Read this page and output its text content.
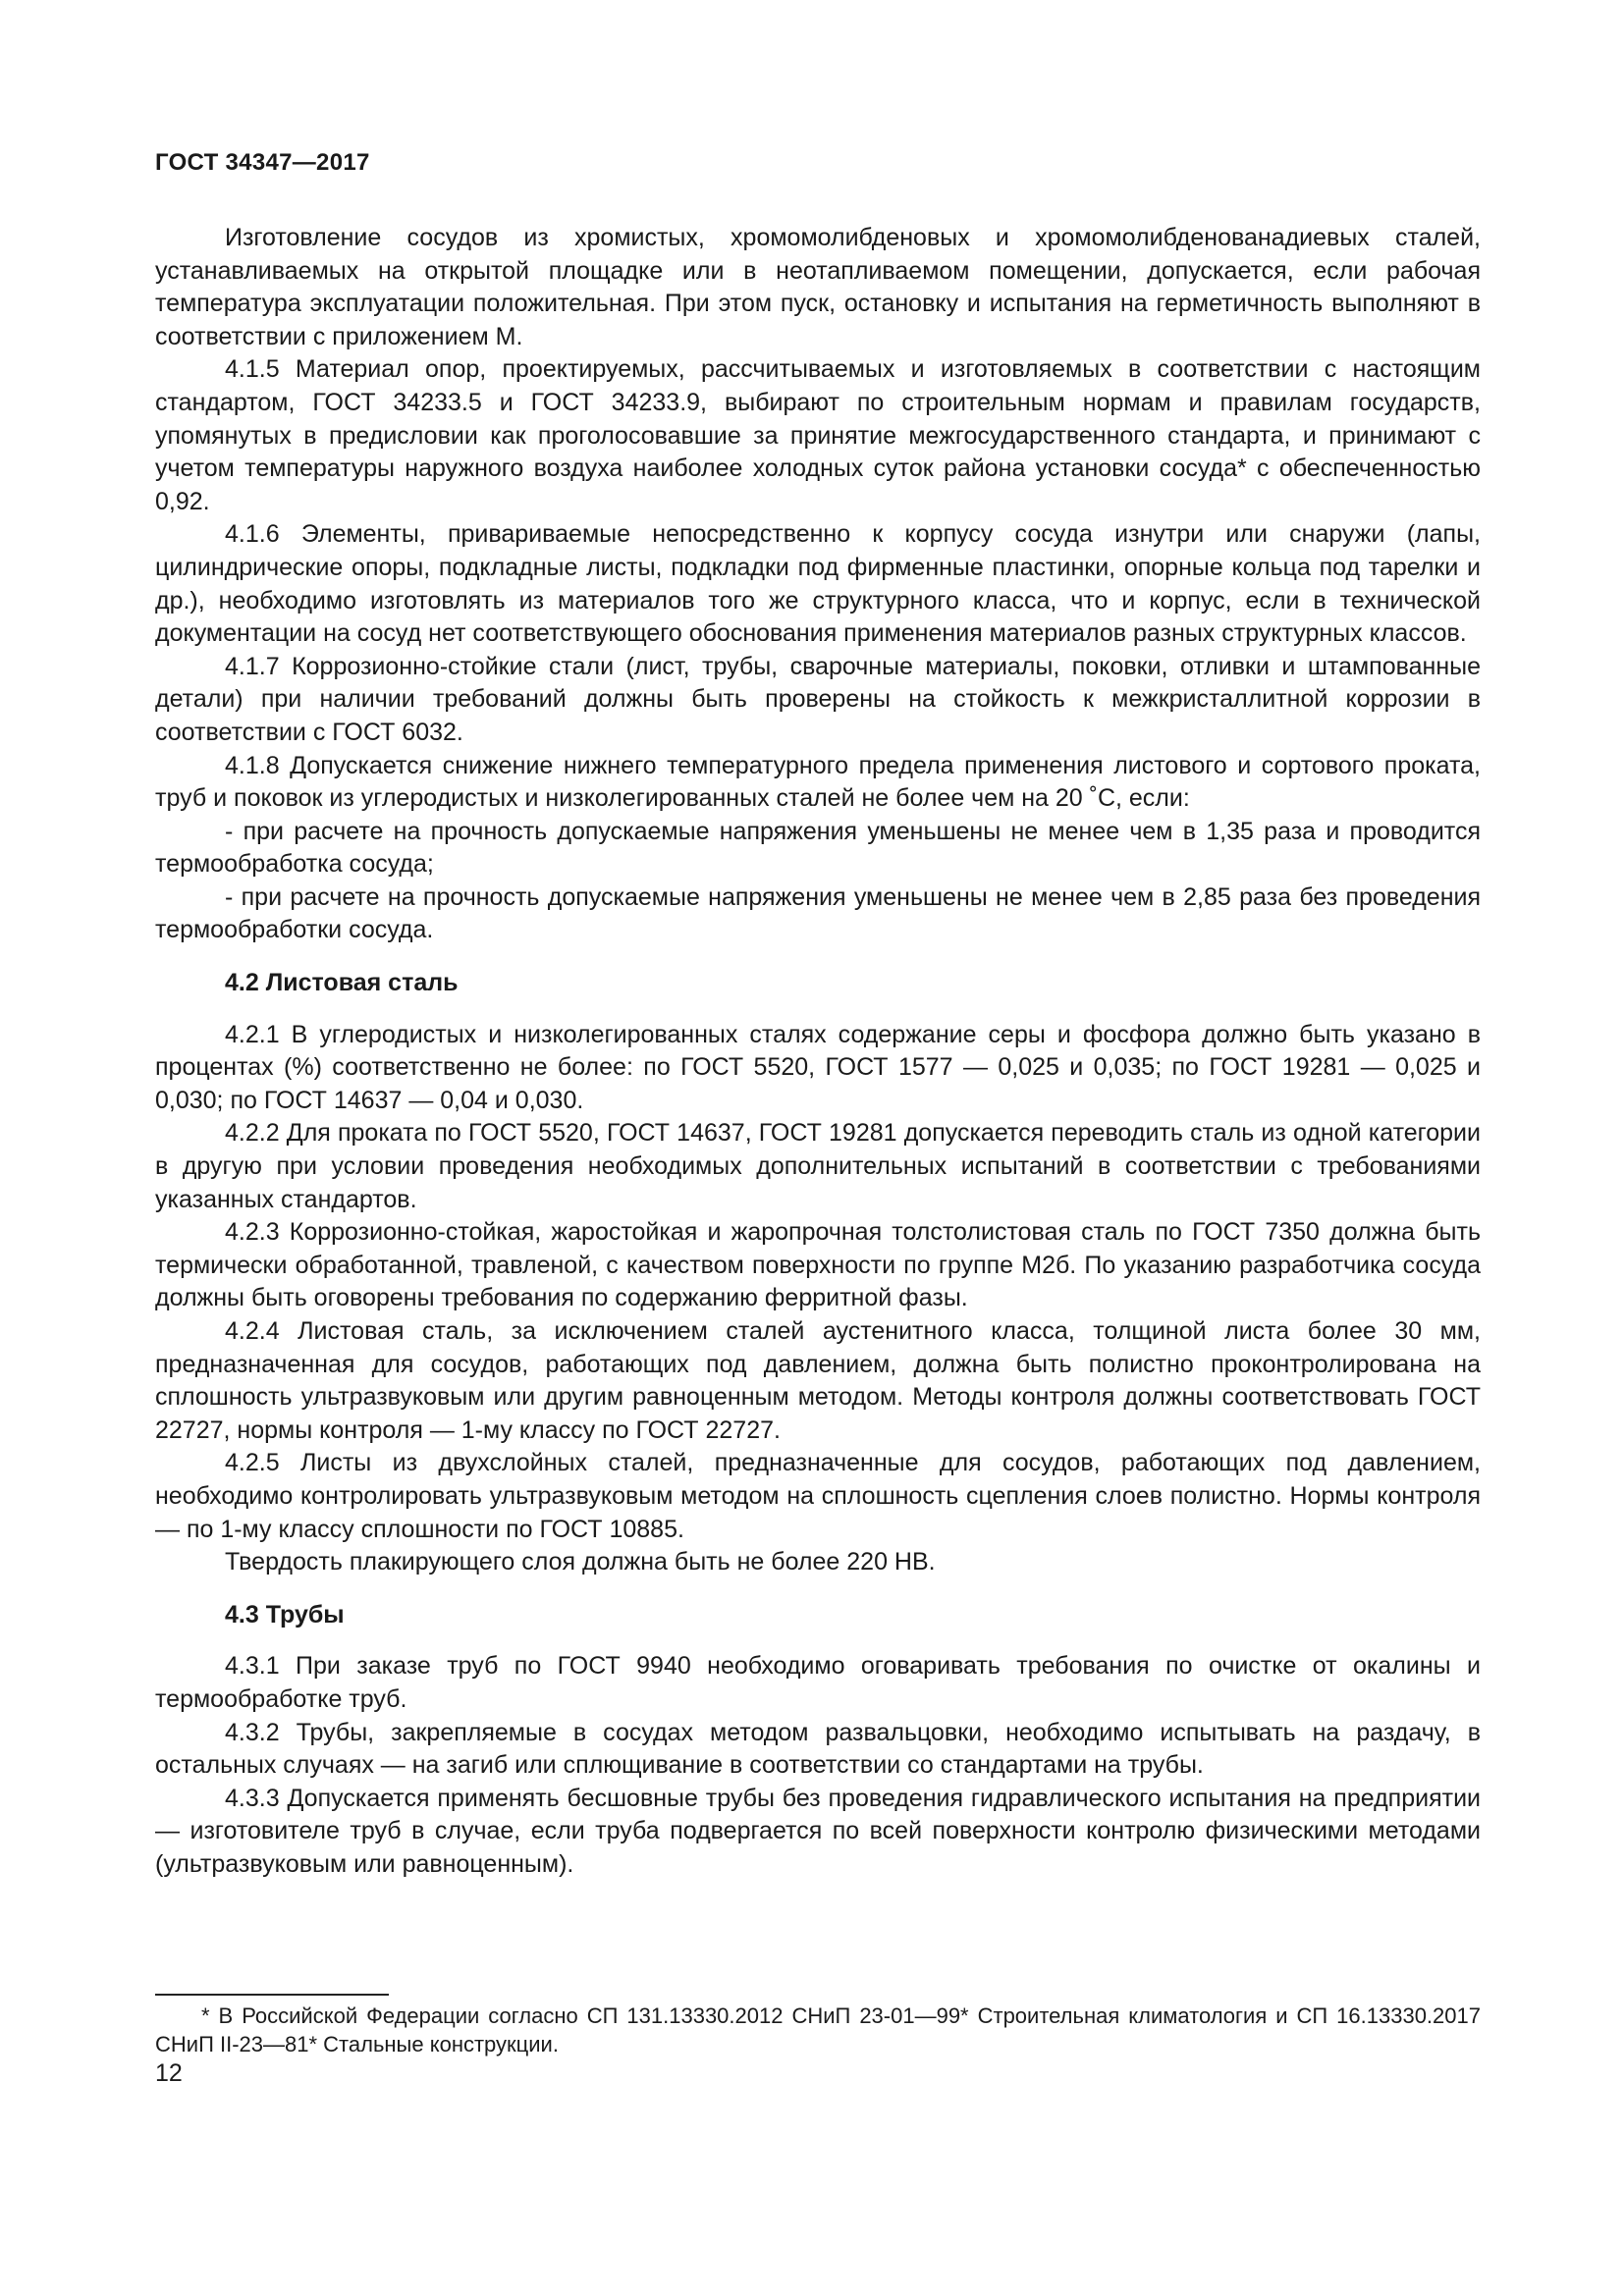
ГОСТ 34347—2017

Изготовление сосудов из хромистых, хромомолибденовых и хромомолибденованадиевых сталей, устанавливаемых на открытой площадке или в неотапливаемом помещении, допускается, если рабочая температура эксплуатации положительная. При этом пуск, остановку и испытания на герметичность выполняют в соответствии с приложением М.

4.1.5 Материал опор, проектируемых, рассчитываемых и изготовляемых в соответствии с настоящим стандартом, ГОСТ 34233.5 и ГОСТ 34233.9, выбирают по строительным нормам и правилам государств, упомянутых в предисловии как проголосовавшие за принятие межгосударственного стандарта, и принимают с учетом температуры наружного воздуха наиболее холодных суток района установки сосуда* с обеспеченностью 0,92.

4.1.6 Элементы, привариваемые непосредственно к корпусу сосуда изнутри или снаружи (лапы, цилиндрические опоры, подкладные листы, подкладки под фирменные пластинки, опорные кольца под тарелки и др.), необходимо изготовлять из материалов того же структурного класса, что и корпус, если в технической документации на сосуд нет соответствующего обоснования применения материалов разных структурных классов.

4.1.7 Коррозионно-стойкие стали (лист, трубы, сварочные материалы, поковки, отливки и штампованные детали) при наличии требований должны быть проверены на стойкость к межкристаллитной коррозии в соответствии с ГОСТ 6032.

4.1.8 Допускается снижение нижнего температурного предела применения листового и сортового проката, труб и поковок из углеродистых и низколегированных сталей не более чем на 20 ˚С, если:

- при расчете на прочность допускаемые напряжения уменьшены не менее чем в 1,35 раза и проводится термообработка сосуда;

- при расчете на прочность допускаемые напряжения уменьшены не менее чем в 2,85 раза без проведения термообработки сосуда.

4.2 Листовая сталь

4.2.1 В углеродистых и низколегированных сталях содержание серы и фосфора должно быть указано в процентах (%) соответственно не более: по ГОСТ 5520, ГОСТ 1577 — 0,025 и 0,035; по ГОСТ 19281 — 0,025 и 0,030; по ГОСТ 14637 — 0,04 и 0,030.

4.2.2 Для проката по ГОСТ 5520, ГОСТ 14637, ГОСТ 19281 допускается переводить сталь из одной категории в другую при условии проведения необходимых дополнительных испытаний в соответствии с требованиями указанных стандартов.

4.2.3 Коррозионно-стойкая, жаростойкая и жаропрочная толстолистовая сталь по ГОСТ 7350 должна быть термически обработанной, травленой, с качеством поверхности по группе М2б. По указанию разработчика сосуда должны быть оговорены требования по содержанию ферритной фазы.

4.2.4 Листовая сталь, за исключением сталей аустенитного класса, толщиной листа более 30 мм, предназначенная для сосудов, работающих под давлением, должна быть полистно проконтролирована на сплошность ультразвуковым или другим равноценным методом. Методы контроля должны соответствовать ГОСТ 22727, нормы контроля — 1-му классу по ГОСТ 22727.

4.2.5 Листы из двухслойных сталей, предназначенные для сосудов, работающих под давлением, необходимо контролировать ультразвуковым методом на сплошность сцепления слоев полистно. Нормы контроля — по 1-му классу сплошности по ГОСТ 10885.

Твердость плакирующего слоя должна быть не более 220 НВ.

4.3 Трубы

4.3.1 При заказе труб по ГОСТ 9940 необходимо оговаривать требования по очистке от окалины и термообработке труб.

4.3.2 Трубы, закрепляемые в сосудах методом развальцовки, необходимо испытывать на раздачу, в остальных случаях — на загиб или сплющивание в соответствии со стандартами на трубы.

4.3.3 Допускается применять бесшовные трубы без проведения гидравлического испытания на предприятии — изготовителе труб в случае, если труба подвергается по всей поверхности контролю физическими методами (ультразвуковым или равноценным).

* В Российской Федерации согласно СП 131.13330.2012 СНиП 23-01—99* Строительная климатология и СП 16.13330.2017 СНиП II-23—81* Стальные конструкции.
12
